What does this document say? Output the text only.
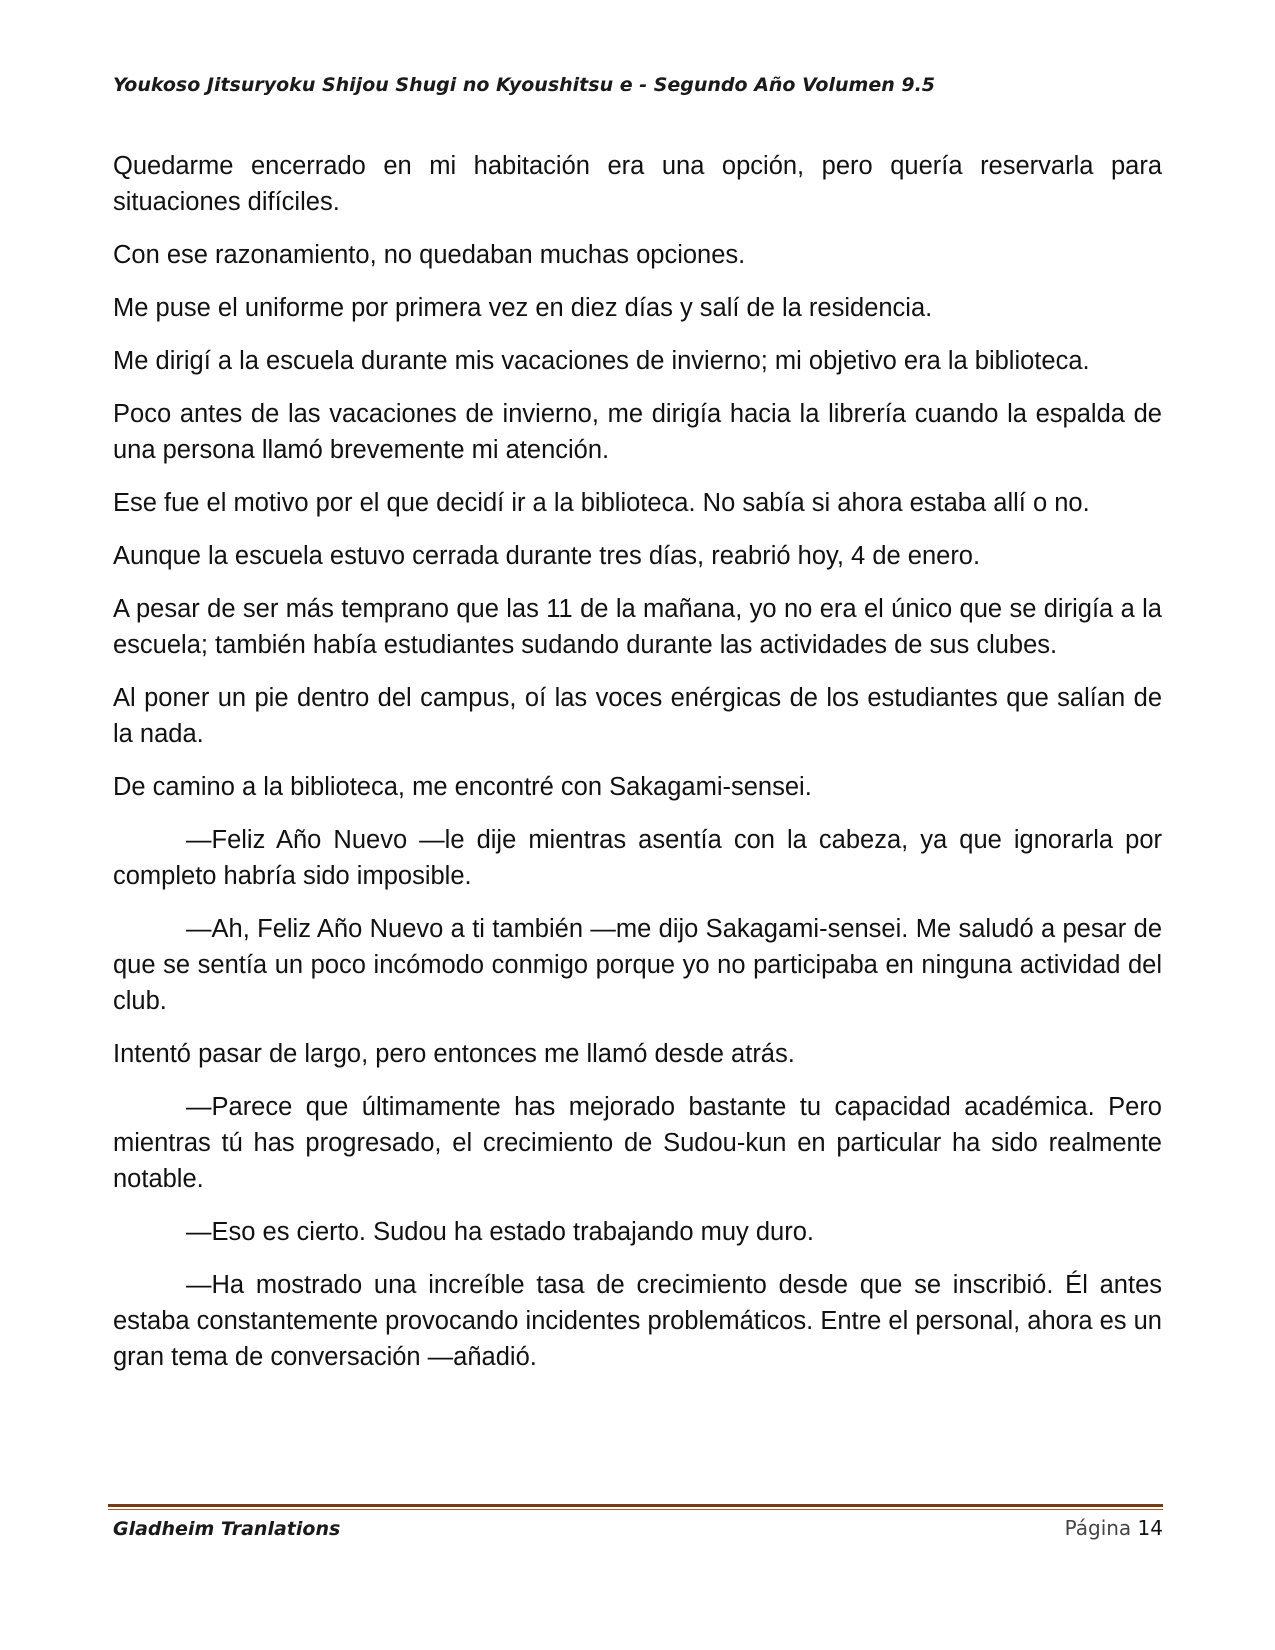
Youkoso Jitsuryoku Shijou Shugi no Kyoushitsu e - Segundo Año Volumen 9.5

Quedarme encerrado en mi habitación era una opción, pero quería reservarla para situaciones difíciles.

Con ese razonamiento, no quedaban muchas opciones.

Me puse el uniforme por primera vez en diez días y salí de la residencia.

Me dirigí a la escuela durante mis vacaciones de invierno; mi objetivo era la biblioteca.

Poco antes de las vacaciones de invierno, me dirigía hacia la librería cuando la espalda de una persona llamó brevemente mi atención.

Ese fue el motivo por el que decidí ir a la biblioteca. No sabía si ahora estaba allí o no.

Aunque la escuela estuvo cerrada durante tres días, reabrió hoy, 4 de enero.

A pesar de ser más temprano que las 11 de la mañana, yo no era el único que se dirigía a la escuela; también había estudiantes sudando durante las actividades de sus clubes.

Al poner un pie dentro del campus, oí las voces enérgicas de los estudiantes que salían de la nada.

De camino a la biblioteca, me encontré con Sakagami-sensei.

—Feliz Año Nuevo —le dije mientras asentía con la cabeza, ya que ignorarla por completo habría sido imposible.

—Ah, Feliz Año Nuevo a ti también —me dijo Sakagami-sensei. Me saludó a pesar de que se sentía un poco incómodo conmigo porque yo no participaba en ninguna actividad del club.

Intentó pasar de largo, pero entonces me llamó desde atrás.

—Parece que últimamente has mejorado bastante tu capacidad académica. Pero mientras tú has progresado, el crecimiento de Sudou-kun en particular ha sido realmente notable.

—Eso es cierto. Sudou ha estado trabajando muy duro.

—Ha mostrado una increíble tasa de crecimiento desde que se inscribió. Él antes estaba constantemente provocando incidentes problemáticos. Entre el personal, ahora es un gran tema de conversación —añadió.

Gladheim Tranlations	Página 14
